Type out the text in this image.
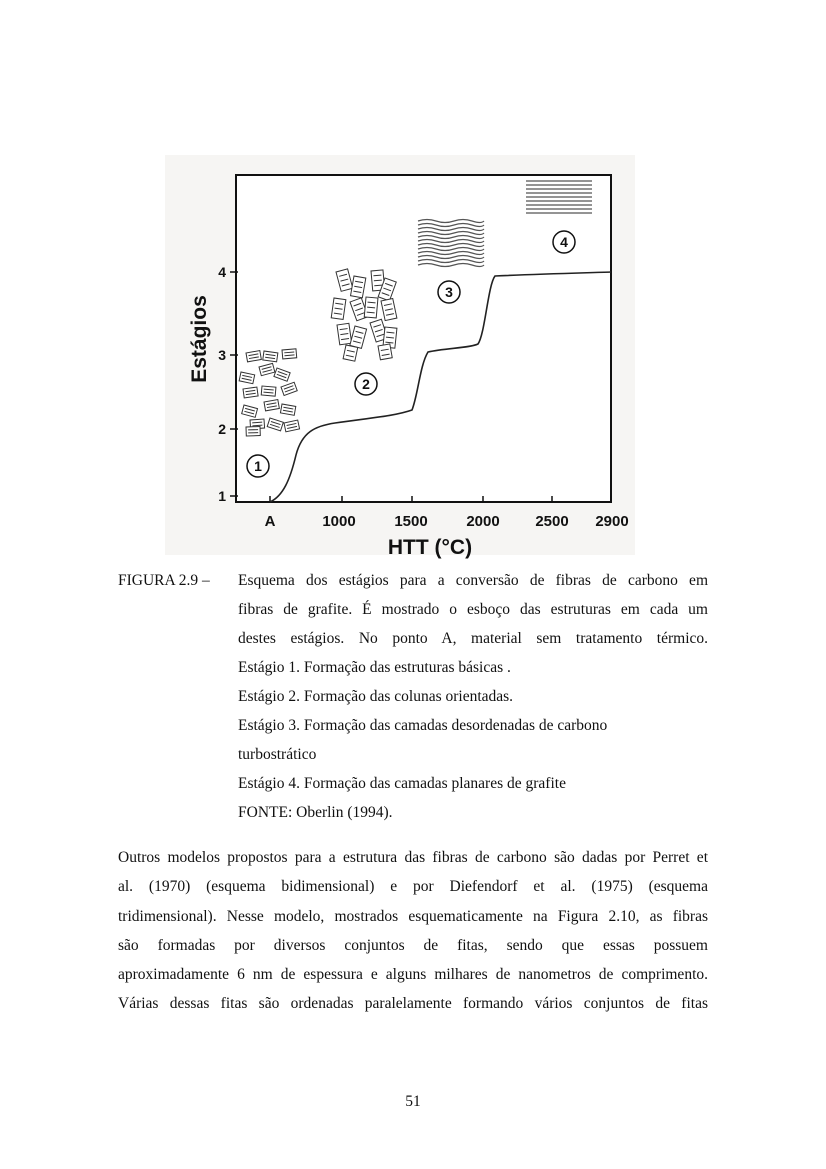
Estágios
HTT (°C)
1
2
3
4
A	1000	1500	2000 2500 2900
1
2
3
4
FIGURA 2.9 –	Esquema dos estágios para a conversão de fibras de carbono em
fibras de grafite. É mostrado o esboço das estruturas em cada um
destes estágios. No ponto A, material sem tratamento térmico.
Estágio 1. Formação das estruturas básicas .
Estágio 2. Formação das colunas orientadas.
Estágio 3. Formação das camadas desordenadas de carbono
turbostrático
Estágio 4. Formação das camadas planares de grafite
FONTE: Oberlin (1994).
Outros modelos propostos para a estrutura das fibras de carbono são dadas por Perret et
al. (1970) (esquema bidimensional) e por Diefendorf et al. (1975) (esquema
tridimensional). Nesse modelo, mostrados esquematicamente na Figura 2.10, as fibras
são formadas por diversos conjuntos de fitas, sendo que essas possuem
aproximadamente 6 nm de espessura e alguns milhares de nanometros de comprimento.
Várias dessas fitas são ordenadas paralelamente formando vários conjuntos de fitas
51
